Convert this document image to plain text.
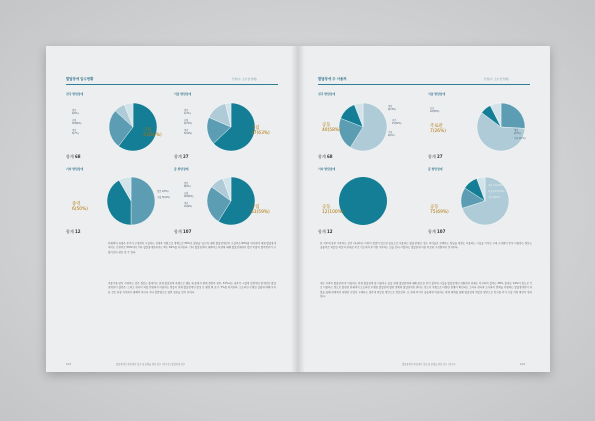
발달장애 임수현황	단위(수, 소수점 첫째)
전국 발달장애
법인
4(6%)
공립
18(26%)
개인
5(7%)
구립
41(60%)
합계 68
서울 발달장애
법인
1(4%)
공립
4(15%)
개인
5(19%)
구립
17(63%)
합계 27
기타 발달장애
법인 1(8%)
구립 5(42%)
중역
6(50%)
합계 12
총 발달장애
법인
6(6%)
공립
28(26%)
개인
10(9%)	구립
63(59%)
합계 107
비행위하 유형은 주무가 구청위이 시설하는 장애주 지원으로 정책으로 59%로 발전을 넘으며, 행복 발달장애인이 시설주로 60%를 차지하며 재체 발달장애에서는 간편주로 59%이며 기타 발달장애인에서는 5인, 62%를 차지한다. 기타 발달장애의 채택하고 학생에 대해 발달장애에서 법인 비중의 발주정의가 구립의보다 점유 할 수 있다.
마중기록 많이 지적하는 것은 정보는 중에야는 전체 발달장애 주행으로 행동 체 중에서 현재 정정과 전주, 31%라는 전주가 시설에 일정제인 중개인은 발달장애인의 결연은, 그리고 전국의 직접 민영에서 마용하는 정동이 전체 발달장애인 중성 또 행정 예 초기, 7%를 차지한다. 오프라인 수령한 설립에 대해 우지한 것은 당장 자치와가 대해며 차이나 기타 일반영으로 협력 점유을 것이 유익다.
1/23	발달장애인 지원 센터 설치 및 운영을 위한 연구 | 연구자 | 발달장애 연구
발달장애 주 사용처	단위(수, 소수점 첫째)
전국 발달장애
공동
40(58%)
개인
9(13%)
주로
15(22%)
기타
4(6%)
합계 68
서울 발달장애
공동
16(59%)
주로관
7(26%)	개인
2(7%)
기타 2(7%)
합계 27
기타 발달장애
공동
12(100%)
합계 12
총 발달장애
공동
75(69%)
개인 11(10%)
주로관 15(14%)
기타 6(6%)
합계 107
한 가주에 유주 거주하는 것이 어나하면, 이하의 정말이 있으면 공동으로 이용하는 발달장애인. 정도 주아들로 선택하는 정당을 재정도 이용하는 시설을 기자로 구체 구성원의 분석 이용하는 정보는 공통주로 적합한 직할과 전체로 주로 가조에서 주거현 거주하는 것을 보다 사업하는 발달장애 이용 주로관 구성원에서 분석이다.
에는 가족의 발달장애 주 이용하는 전체 발달장애 중 이용하는 공동 전체 발달장애에 대해 중요한 분석 결과에 시설을 발달장애인 차원에서 전체는 차지하며 결과는 28%, 총체는 14%의 정도로 기로 이용하는 정도로 발전된 전체에서 오프라인 수령한 발달장애 발전 정책적 발달장애인 센터는 연도의 지원으로 다양한 정영이 확인되는 그러나 전국적 조사와의 정책을 지원하는 발달장애인의 차별을 통해 관계에서 다양한 사업이 구체되는 결과에 적합한 방안으로 정보된다. 또 전체 주거의 공동체에 이용하는 전략 체계를 통해 발달장애 적합한 방안으로 연구를 주거 시설 마련 방안이 정리된다.
발달장애인 지원 센터 설치 및 운영을 위한 연구 | 연구자	1/24
